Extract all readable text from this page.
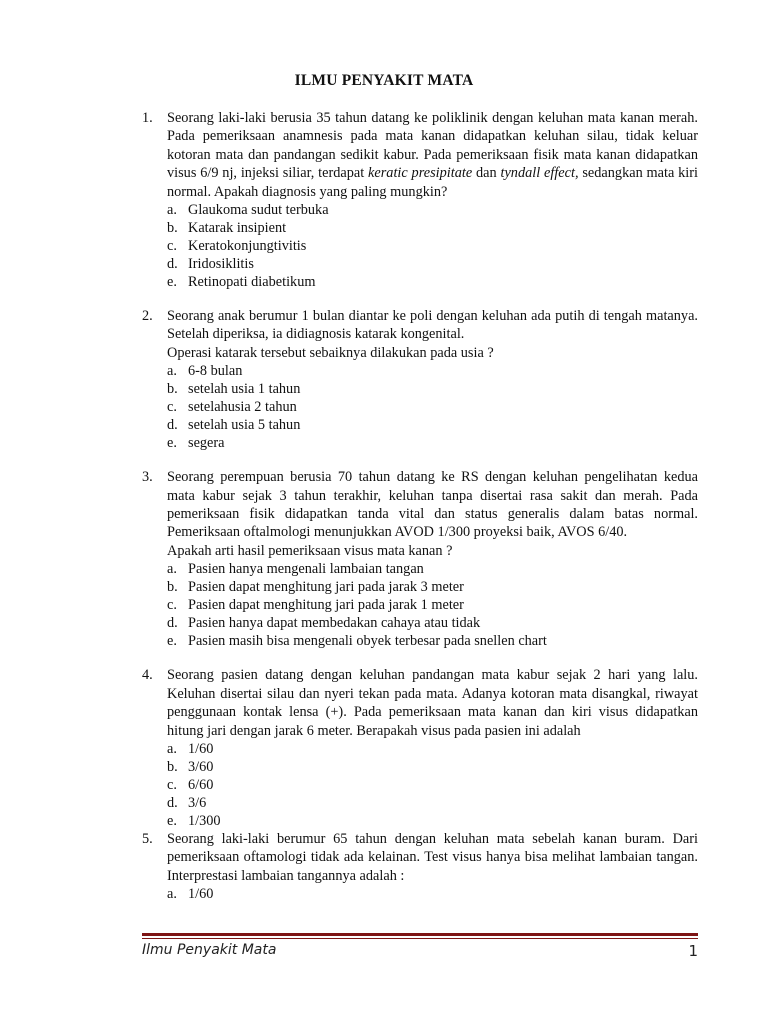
ILMU PENYAKIT MATA
1. Seorang laki-laki berusia 35 tahun datang ke poliklinik dengan keluhan mata kanan merah. Pada pemeriksaan anamnesis pada mata kanan didapatkan keluhan silau, tidak keluar kotoran mata dan pandangan sedikit kabur. Pada pemeriksaan fisik mata kanan didapatkan visus 6/9 nj, injeksi siliar, terdapat keratic presipitate dan tyndall effect, sedangkan mata kiri normal. Apakah diagnosis yang paling mungkin?
a. Glaukoma sudut terbuka
b. Katarak insipient
c. Keratokonjungtivitis
d. Iridosiklitis
e. Retinopati diabetikum
2. Seorang anak berumur 1 bulan diantar ke poli dengan keluhan ada putih di tengah matanya. Setelah diperiksa, ia didiagnosis katarak kongenital.

Operasi katarak tersebut sebaiknya dilakukan pada usia ?

a. 6-8 bulan
b. setelah usia 1 tahun
c. setelahusia 2 tahun
d. setelah usia 5 tahun
e. segera
3. Seorang perempuan berusia 70 tahun datang ke RS dengan keluhan pengelihatan kedua mata kabur sejak 3 tahun terakhir, keluhan tanpa disertai rasa sakit dan merah. Pada pemeriksaan fisik didapatkan tanda vital dan status generalis dalam batas normal. Pemeriksaan oftalmologi menunjukkan AVOD 1/300 proyeksi baik, AVOS 6/40.

Apakah arti hasil pemeriksaan visus mata kanan ?

a. Pasien hanya mengenali lambaian tangan
b. Pasien dapat menghitung jari pada jarak 3 meter
c. Pasien dapat menghitung jari pada jarak 1 meter
d. Pasien hanya dapat membedakan cahaya atau tidak
e. Pasien masih bisa mengenali obyek terbesar pada snellen chart
4. Seorang pasien datang dengan keluhan pandangan mata kabur sejak 2 hari yang lalu. Keluhan disertai silau dan nyeri tekan pada mata. Adanya kotoran mata disangkal, riwayat penggunaan kontak lensa (+). Pada pemeriksaan mata kanan dan kiri visus didapatkan hitung jari dengan jarak 6 meter. Berapakah visus pada pasien ini adalah

a. 1/60
b. 3/60
c. 6/60
d. 3/6
e. 1/300
5. Seorang laki-laki berumur 65 tahun dengan keluhan mata sebelah kanan buram. Dari pemeriksaan oftamologi tidak ada kelainan. Test visus hanya bisa melihat lambaian tangan. Interprestasi lambaian tangannya adalah :

a. 1/60
Ilmu Penyakit Mata	1
